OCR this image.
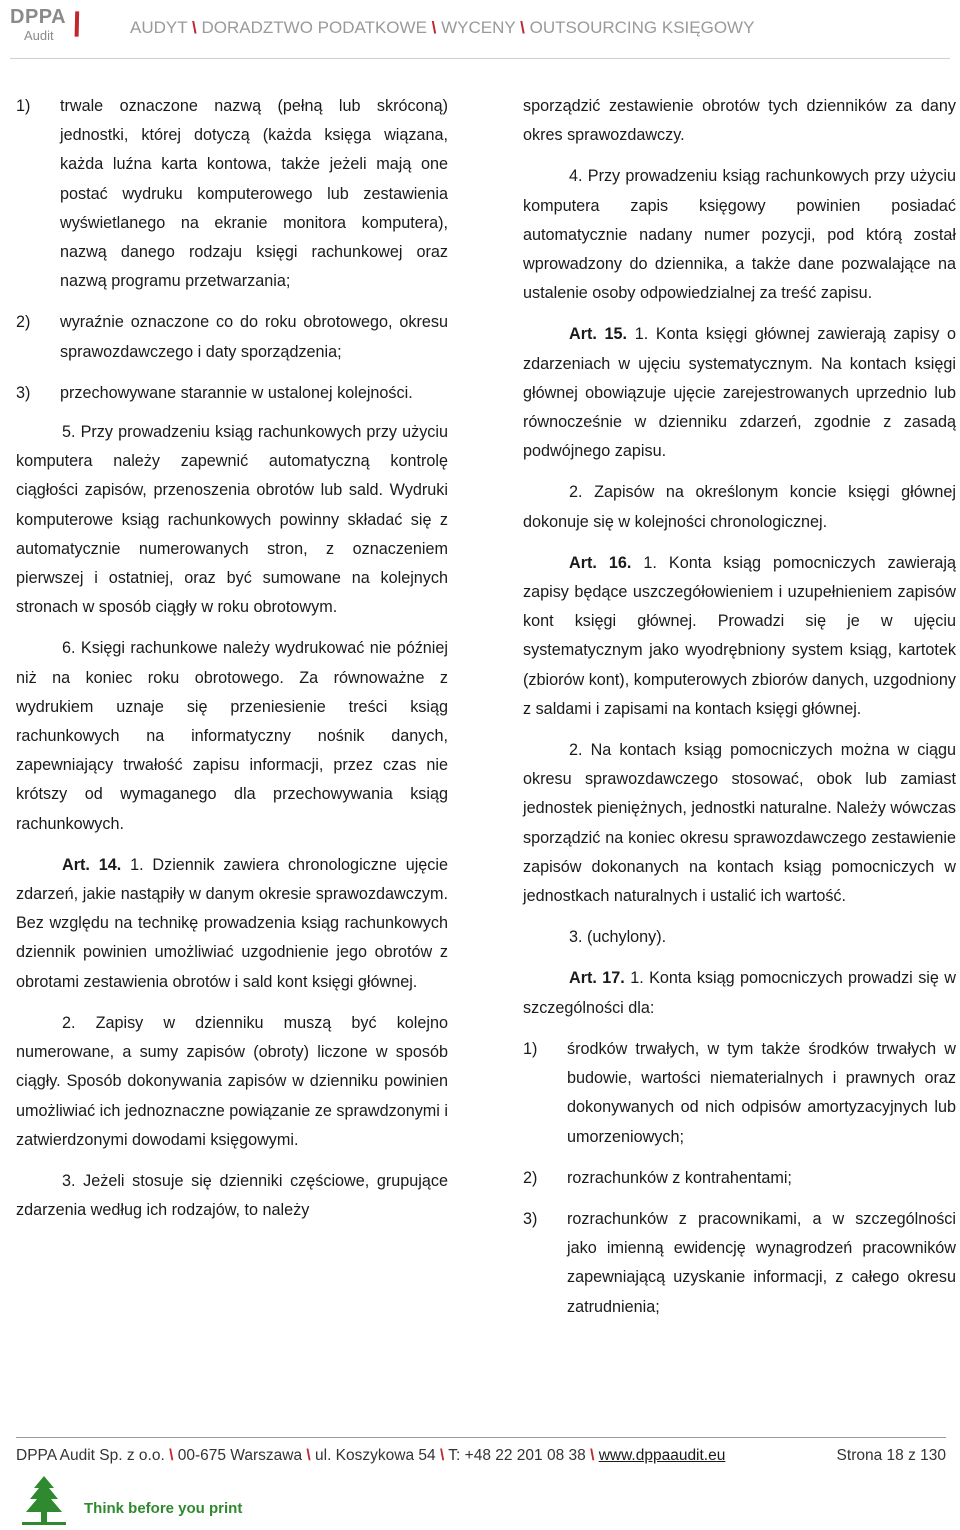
DPPA
Audit \	AUDYT \ DORADZTWO PODATKOWE \ WYCENY \ OUTSOURCING KSIĘGOWY
1) trwale oznaczone nazwą (pełną lub skróconą) jednostki, której dotyczą (każda księga wiązana, każda luźna karta kontowa, także jeżeli mają one postać wydruku komputerowego lub zestawienia wyświetlanego na ekranie monitora komputera), nazwą danego rodzaju księgi rachunkowej oraz nazwą programu przetwarzania;
2) wyraźnie oznaczone co do roku obrotowego, okresu sprawozdawczego i daty sporządzenia;
3) przechowywane starannie w ustalonej kolejności.

5. Przy prowadzeniu ksiąg rachunkowych przy użyciu komputera należy zapewnić automatyczną kontrolę ciągłości zapisów, przenoszenia obrotów lub sald. Wydruki komputerowe ksiąg rachunkowych powinny składać się z automatycznie numerowanych stron, z oznaczeniem pierwszej i ostatniej, oraz być sumowane na kolejnych stronach w sposób ciągły w roku obrotowym.

6. Księgi rachunkowe należy wydrukować nie później niż na koniec roku obrotowego. Za równoważne z wydrukiem uznaje się przeniesienie treści ksiąg rachunkowych na informatyczny nośnik danych, zapewniający trwałość zapisu informacji, przez czas nie krótszy od wymaganego dla przechowywania ksiąg rachunkowych.

Art. 14. 1. Dziennik zawiera chronologiczne ujęcie zdarzeń, jakie nastąpiły w danym okresie sprawozdawczym. Bez względu na technikę prowadzenia ksiąg rachunkowych dziennik powinien umożliwiać uzgodnienie jego obrotów z obrotami zestawienia obrotów i sald kont księgi głównej.

2. Zapisy w dzienniku muszą być kolejno numerowane, a sumy zapisów (obroty) liczone w sposób ciągły. Sposób dokonywania zapisów w dzienniku powinien umożliwiać ich jednoznaczne powiązanie ze sprawdzonymi i zatwierdzonymi dowodami księgowymi.

3. Jeżeli stosuje się dzienniki częściowe, grupujące zdarzenia według ich rodzajów, to należy

sporządzić zestawienie obrotów tych dzienników za dany okres sprawozdawczy.

4. Przy prowadzeniu ksiąg rachunkowych przy użyciu komputera zapis księgowy powinien posiadać automatycznie nadany numer pozycji, pod którą został wprowadzony do dziennika, a także dane pozwalające na ustalenie osoby odpowiedzialnej za treść zapisu.

Art. 15. 1. Konta księgi głównej zawierają zapisy o zdarzeniach w ujęciu systematycznym. Na kontach księgi głównej obowiązuje ujęcie zarejestrowanych uprzednio lub równocześnie w dzienniku zdarzeń, zgodnie z zasadą podwójnego zapisu.

2. Zapisów na określonym koncie księgi głównej dokonuje się w kolejności chronologicznej.

Art. 16. 1. Konta ksiąg pomocniczych zawierają zapisy będące uszczegółowieniem i uzupełnieniem zapisów kont księgi głównej. Prowadzi się je w ujęciu systematycznym jako wyodrębniony system ksiąg, kartotek (zbiorów kont), komputerowych zbiorów danych, uzgodniony z saldami i zapisami na kontach księgi głównej.

2. Na kontach ksiąg pomocniczych można w ciągu okresu sprawozdawczego stosować, obok lub zamiast jednostek pieniężnych, jednostki naturalne. Należy wówczas sporządzić na koniec okresu sprawozdawczego zestawienie zapisów dokonanych na kontach ksiąg pomocniczych w jednostkach naturalnych i ustalić ich wartość.

3. (uchylony).

Art. 17. 1. Konta ksiąg pomocniczych prowadzi się w szczególności dla:

1) środków trwałych, w tym także środków trwałych w budowie, wartości niematerialnych i prawnych oraz dokonywanych od nich odpisów amortyzacyjnych lub umorzeniowych;
2) rozrachunków z kontrahentami;
3) rozrachunków z pracownikami, a w szczególności jako imienną ewidencję wynagrodzeń pracowników zapewniającą uzyskanie informacji, z całego okresu zatrudnienia;
DPPA Audit Sp. z o.o. \ 00-675 Warszawa \ ul. Koszykowa 54 \ T: +48 22 201 08 38 \ www.dppaaudit.eu	Strona 18 z 130
Think before you print
